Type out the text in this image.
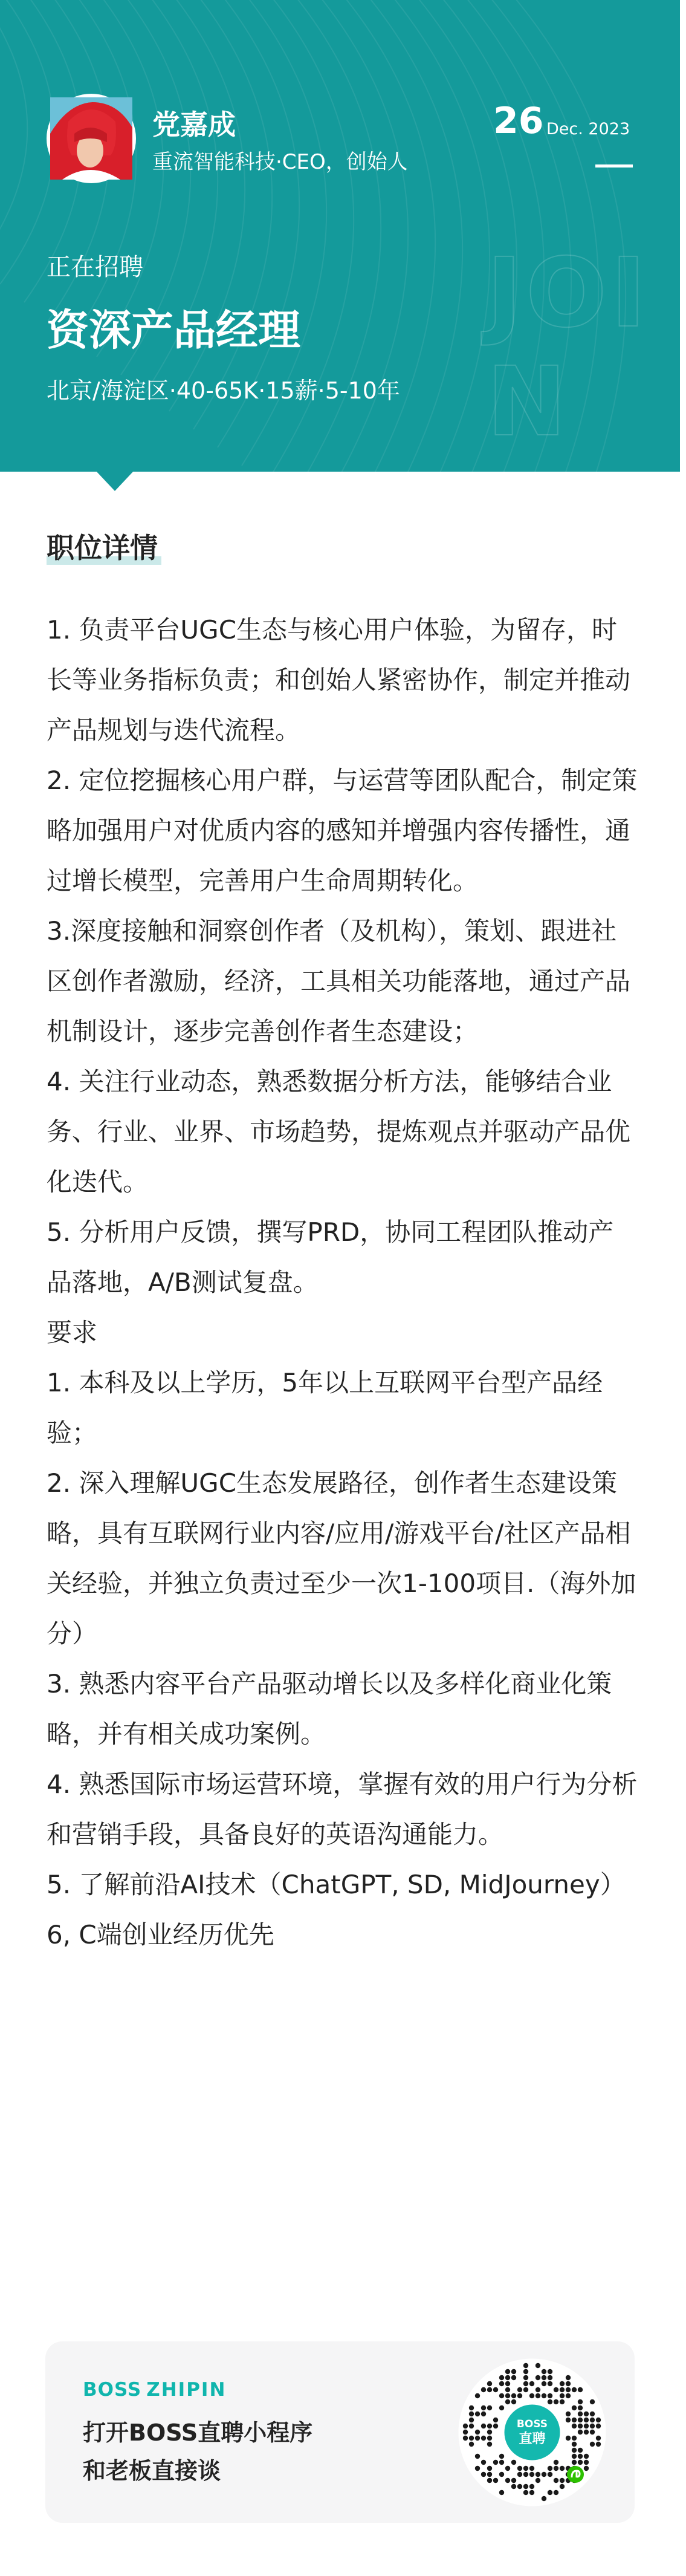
JOIN US
党嘉成
重流智能科技·CEO，创始人
26 Dec. 2023
正在招聘
资深产品经理
北京/海淀区·40-65K·15薪·5-10年
职位详情
1. 负责平台UGC生态与核心用户体验，为留存，时长等业务指标负责；和创始人紧密协作，制定并推动产品规划与迭代流程。
2. 定位挖掘核心用户群，与运营等团队配合，制定策略加强用户对优质内容的感知并增强内容传播性，通过增长模型，完善用户生命周期转化。
3.深度接触和洞察创作者（及机构），策划、跟进社区创作者激励，经济，工具相关功能落地，通过产品机制设计，逐步完善创作者生态建设；
4. 关注行业动态，熟悉数据分析方法，能够结合业务、行业、业界、市场趋势，提炼观点并驱动产品优化迭代。
5. 分析用户反馈，撰写PRD，协同工程团队推动产品落地，A/B测试复盘。
要求
1. 本科及以上学历，5年以上互联网平台型产品经验；
2. 深入理解UGC生态发展路径，创作者生态建设策略，具有互联网行业内容/应用/游戏平台/社区产品相关经验，并独立负责过至少一次1-100项目.（海外加分）
3. 熟悉内容平台产品驱动增长以及多样化商业化策略，并有相关成功案例。
4. 熟悉国际市场运营环境，掌握有效的用户行为分析和营销手段，具备良好的英语沟通能力。
5. 了解前沿AI技术（ChatGPT, SD, MidJourney）
6, C端创业经历优先
BOSS ZHIPIN
打开BOSS直聘小程序
和老板直接谈
BOSS
直聘
